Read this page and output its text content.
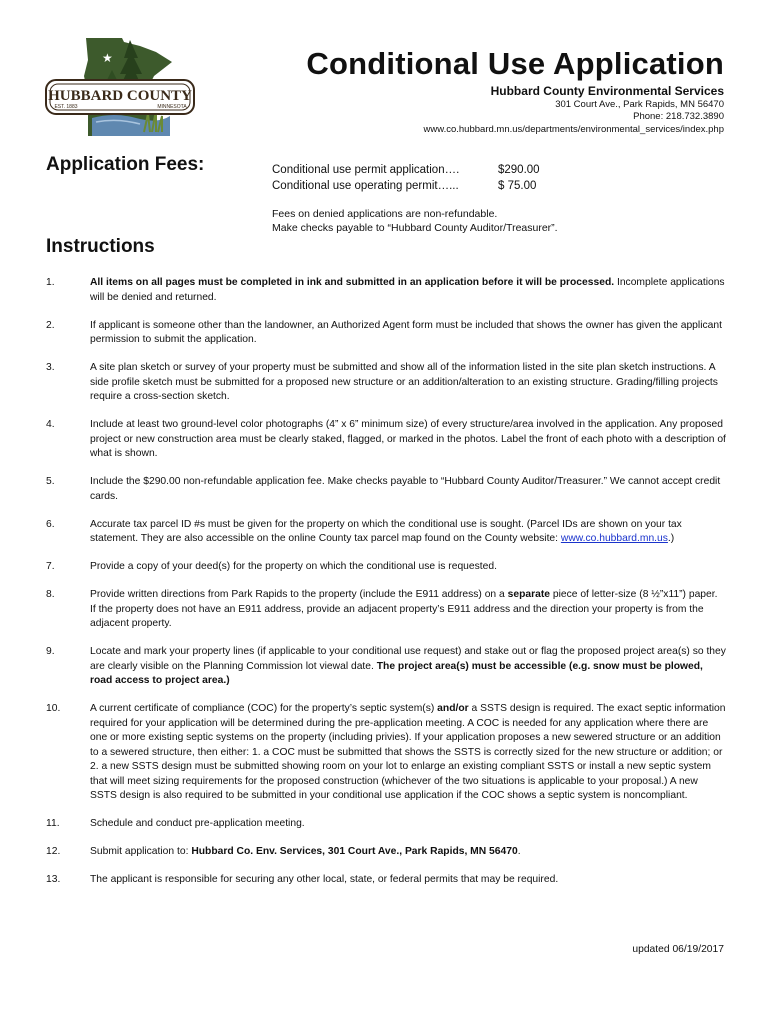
★
HUBBARD COUNTY
EST. 1883	MINNESOTA
Conditional Use Application
Hubbard County Environmental Services
301 Court Ave., Park Rapids, MN 56470
Phone: 218.732.3890
www.co.hubbard.mn.us/departments/environmental_services/index.php
Application Fees:	Conditional use permit application….	$290.00
Conditional use operating permit…...	$ 75.00
Fees on denied applications are non-refundable.
Make checks payable to “Hubbard County Auditor/Treasurer”.
Instructions
1.	All items on all pages must be completed in ink and submitted in an application before it will be processed. Incomplete applications will be denied and returned.
2.	If applicant is someone other than the landowner, an Authorized Agent form must be included that shows the owner has given the applicant permission to submit the application.
3.	A site plan sketch or survey of your property must be submitted and show all of the information listed in the site plan sketch instructions. A side profile sketch must be submitted for a proposed new structure or an addition/alteration to an existing structure. Grading/filling projects require a cross-section sketch.
4.	Include at least two ground-level color photographs (4” x 6” minimum size) of every structure/area involved in the application. Any proposed project or new construction area must be clearly staked, flagged, or marked in the photos. Label the front of each photo with a description of what is shown.
5.	Include the $290.00 non-refundable application fee. Make checks payable to “Hubbard County Auditor/Treasurer.” We cannot accept credit cards.
6.	Accurate tax parcel ID #s must be given for the property on which the conditional use is sought. (Parcel IDs are shown on your tax statement. They are also accessible on the online County tax parcel map found on the County website: www.co.hubbard.mn.us.)
7.	Provide a copy of your deed(s) for the property on which the conditional use is requested.
8.	Provide written directions from Park Rapids to the property (include the E911 address) on a separate piece of letter-size (8 ½”x11”) paper. If the property does not have an E911 address, provide an adjacent property’s E911 address and the direction your property is from the adjacent property.
9.	Locate and mark your property lines (if applicable to your conditional use request) and stake out or flag the proposed project area(s) so they are clearly visible on the Planning Commission lot viewal date. The project area(s) must be accessible (e.g. snow must be plowed, road access to project area.)
10.	A current certificate of compliance (COC) for the property’s septic system(s) and/or a SSTS design is required. The exact septic information required for your application will be determined during the pre-application meeting. A COC is needed for any application where there are one or more existing septic systems on the property (including privies). If your application proposes a new sewered structure or an addition to a sewered structure, then either: 1. a COC must be submitted that shows the SSTS is correctly sized for the new structure or addition; or 2. a new SSTS design must be submitted showing room on your lot to enlarge an existing compliant SSTS or install a new septic system that will meet sizing requirements for the proposed construction (whichever of the two situations is applicable to your proposal.) A new SSTS design is also required to be submitted in your conditional use application if the COC shows a septic system is noncompliant.
11.	Schedule and conduct pre-application meeting.
12.	Submit application to: Hubbard Co. Env. Services, 301 Court Ave., Park Rapids, MN 56470.
13.	The applicant is responsible for securing any other local, state, or federal permits that may be required.
updated 06/19/2017
